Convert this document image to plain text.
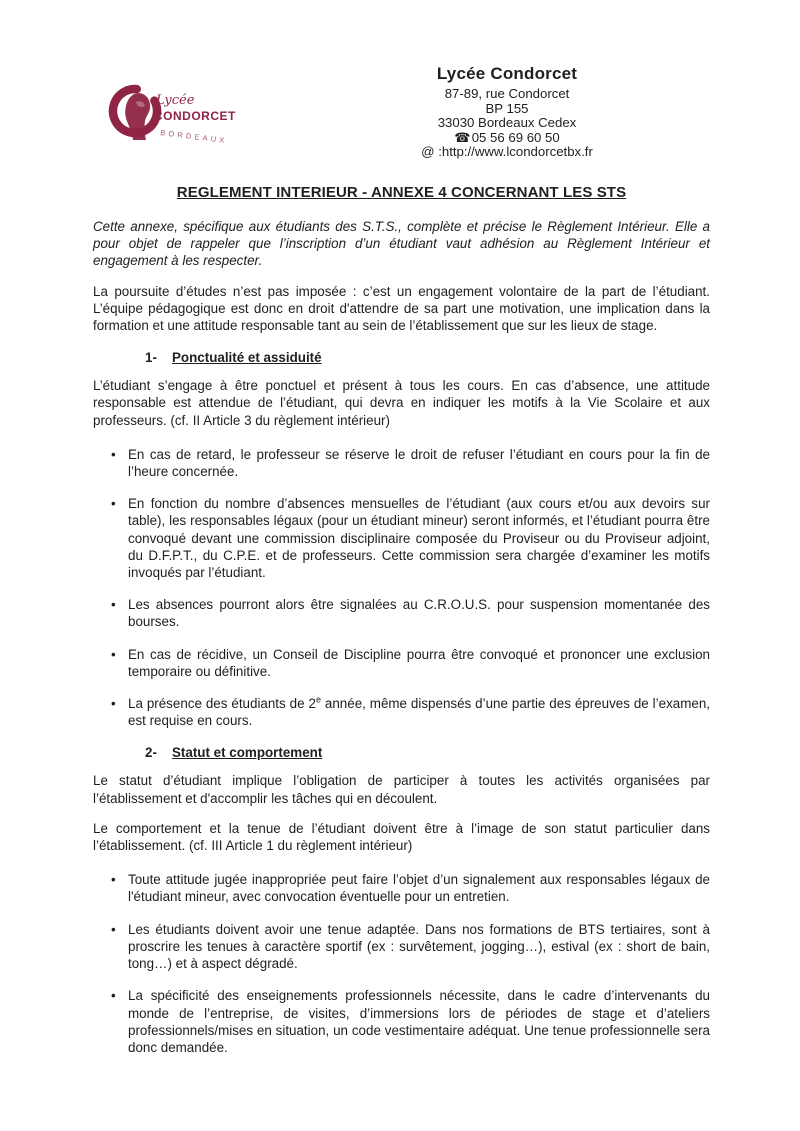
Lycée
CONDORCET
BORDEAUX
Lycée Condorcet
87-89, rue Condorcet
BP 155
33030 Bordeaux Cedex
☎05 56 69 60 50
@ :http://www.lcondorcetbx.fr
REGLEMENT INTERIEUR - ANNEXE 4 CONCERNANT LES STS

Cette annexe, spécifique aux étudiants des S.T.S., complète et précise le Règlement Intérieur. Elle a pour objet de rappeler que l’inscription d’un étudiant vaut adhésion au Règlement Intérieur et engagement à les respecter.

La poursuite d’études n’est pas imposée : c’est un engagement volontaire de la part de l’étudiant. L’équipe pédagogique est donc en droit d'attendre de sa part une motivation, une implication dans la formation et une attitude responsable tant au sein de l’établissement que sur les lieux de stage.

1- Ponctualité et assiduité

L’étudiant s’engage à être ponctuel et présent à tous les cours. En cas d’absence, une attitude responsable est attendue de l’étudiant, qui devra en indiquer les motifs à la Vie Scolaire et aux professeurs. (cf. II Article 3 du règlement intérieur)

• En cas de retard, le professeur se réserve le droit de refuser l’étudiant en cours pour la fin de l’heure concernée.
• En fonction du nombre d’absences mensuelles de l’étudiant (aux cours et/ou aux devoirs sur table), les responsables légaux (pour un étudiant mineur) seront informés, et l’étudiant pourra être convoqué devant une commission disciplinaire composée du Proviseur ou du Proviseur adjoint, du D.F.P.T., du C.P.E. et de professeurs. Cette commission sera chargée d’examiner les motifs invoqués par l’étudiant.
• Les absences pourront alors être signalées au C.R.O.U.S. pour suspension momentanée des bourses.
• En cas de récidive, un Conseil de Discipline pourra être convoqué et prononcer une exclusion temporaire ou définitive.
• La présence des étudiants de 2e année, même dispensés d’une partie des épreuves de l’examen, est requise en cours.
2- Statut et comportement

Le statut d’étudiant implique l’obligation de participer à toutes les activités organisées par l’établissement et d'accomplir les tâches qui en découlent.

Le comportement et la tenue de l’étudiant doivent être à l’image de son statut particulier dans l’établissement. (cf. III Article 1 du règlement intérieur)

• Toute attitude jugée inappropriée peut faire l’objet d’un signalement aux responsables légaux de l'étudiant mineur, avec convocation éventuelle pour un entretien.
• Les étudiants doivent avoir une tenue adaptée. Dans nos formations de BTS tertiaires, sont à proscrire les tenues à caractère sportif (ex : survêtement, jogging…), estival (ex : short de bain, tong…) et à aspect dégradé.
• La spécificité des enseignements professionnels nécessite, dans le cadre d’intervenants du monde de l’entreprise, de visites, d’immersions lors de périodes de stage et d’ateliers professionnels/mises en situation, un code vestimentaire adéquat. Une tenue professionnelle sera donc demandée.
